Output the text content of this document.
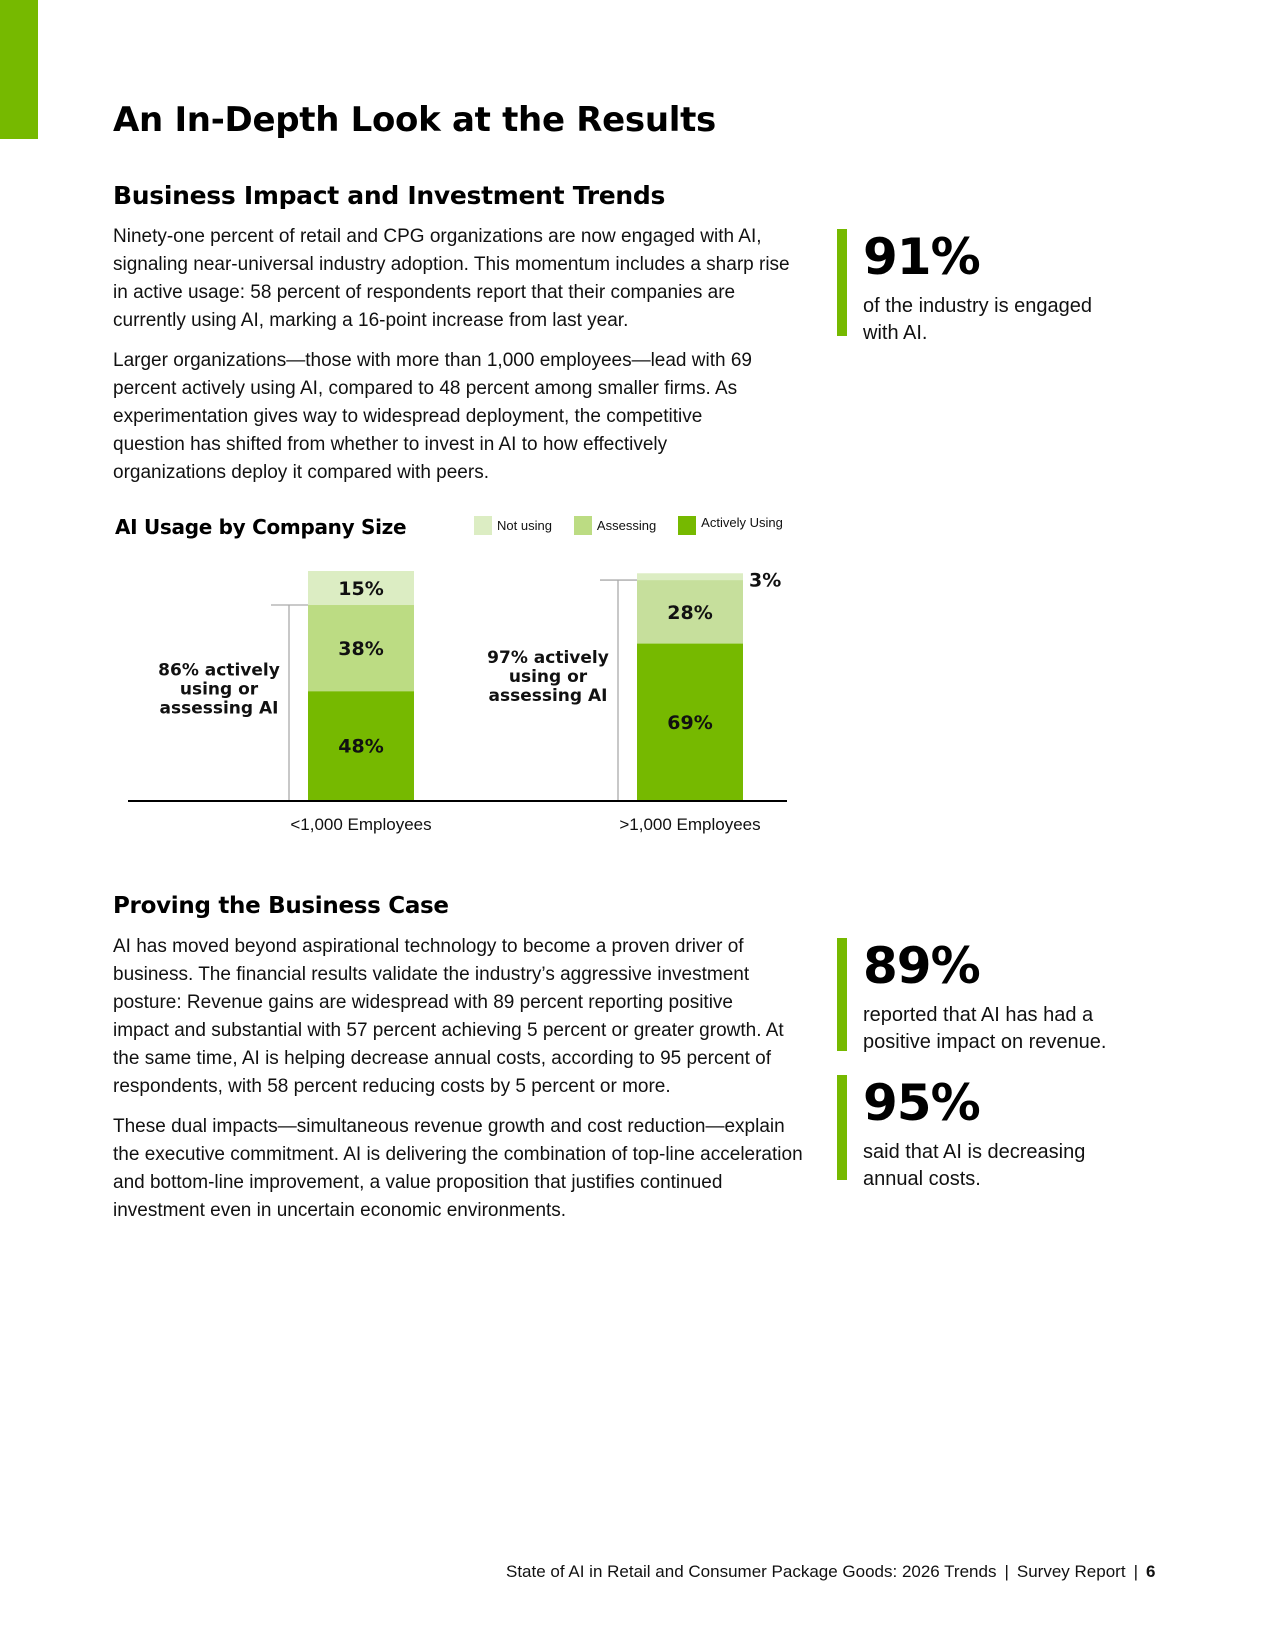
An In-Depth Look at the Results
Business Impact and Investment Trends

Ninety-one percent of retail and CPG organizations are now engaged with AI, signaling near-universal industry adoption. This momentum includes a sharp rise in active usage: 58 percent of respondents report that their companies are currently using AI, marking a 16-point increase from last year.

Larger organizations—those with more than 1,000 employees—lead with 69 percent actively using AI, compared to 48 percent among smaller firms. As experimentation gives way to widespread deployment, the competitive question has shifted from whether to invest in AI to how effectively organizations deploy it compared with peers.

91%
of the industry is engaged with AI.
AI Usage by Company Size	Not using	Assessing	Actively Using
48%
38%
15%
86% actively
using or
assessing AI
<1,000 Employees
69%
28%
3%
97% actively
using or
assessing AI
>1,000 Employees
Proving the Business Case

AI has moved beyond aspirational technology to become a proven driver of business. The financial results validate the industry’s aggressive investment posture: Revenue gains are widespread with 89 percent reporting positive impact and substantial with 57 percent achieving 5 percent or greater growth. At the same time, AI is helping decrease annual costs, according to 95 percent of respondents, with 58 percent reducing costs by 5 percent or more.

These dual impacts—simultaneous revenue growth and cost reduction—explain the executive commitment. AI is delivering the combination of top-line acceleration and bottom-line improvement, a value proposition that justifies continued investment even in uncertain economic environments.

89%
reported that AI has had a positive impact on revenue.
95%
said that AI is decreasing annual costs.
State of AI in Retail and Consumer Package Goods: 2026 Trends | Survey Report | 6
